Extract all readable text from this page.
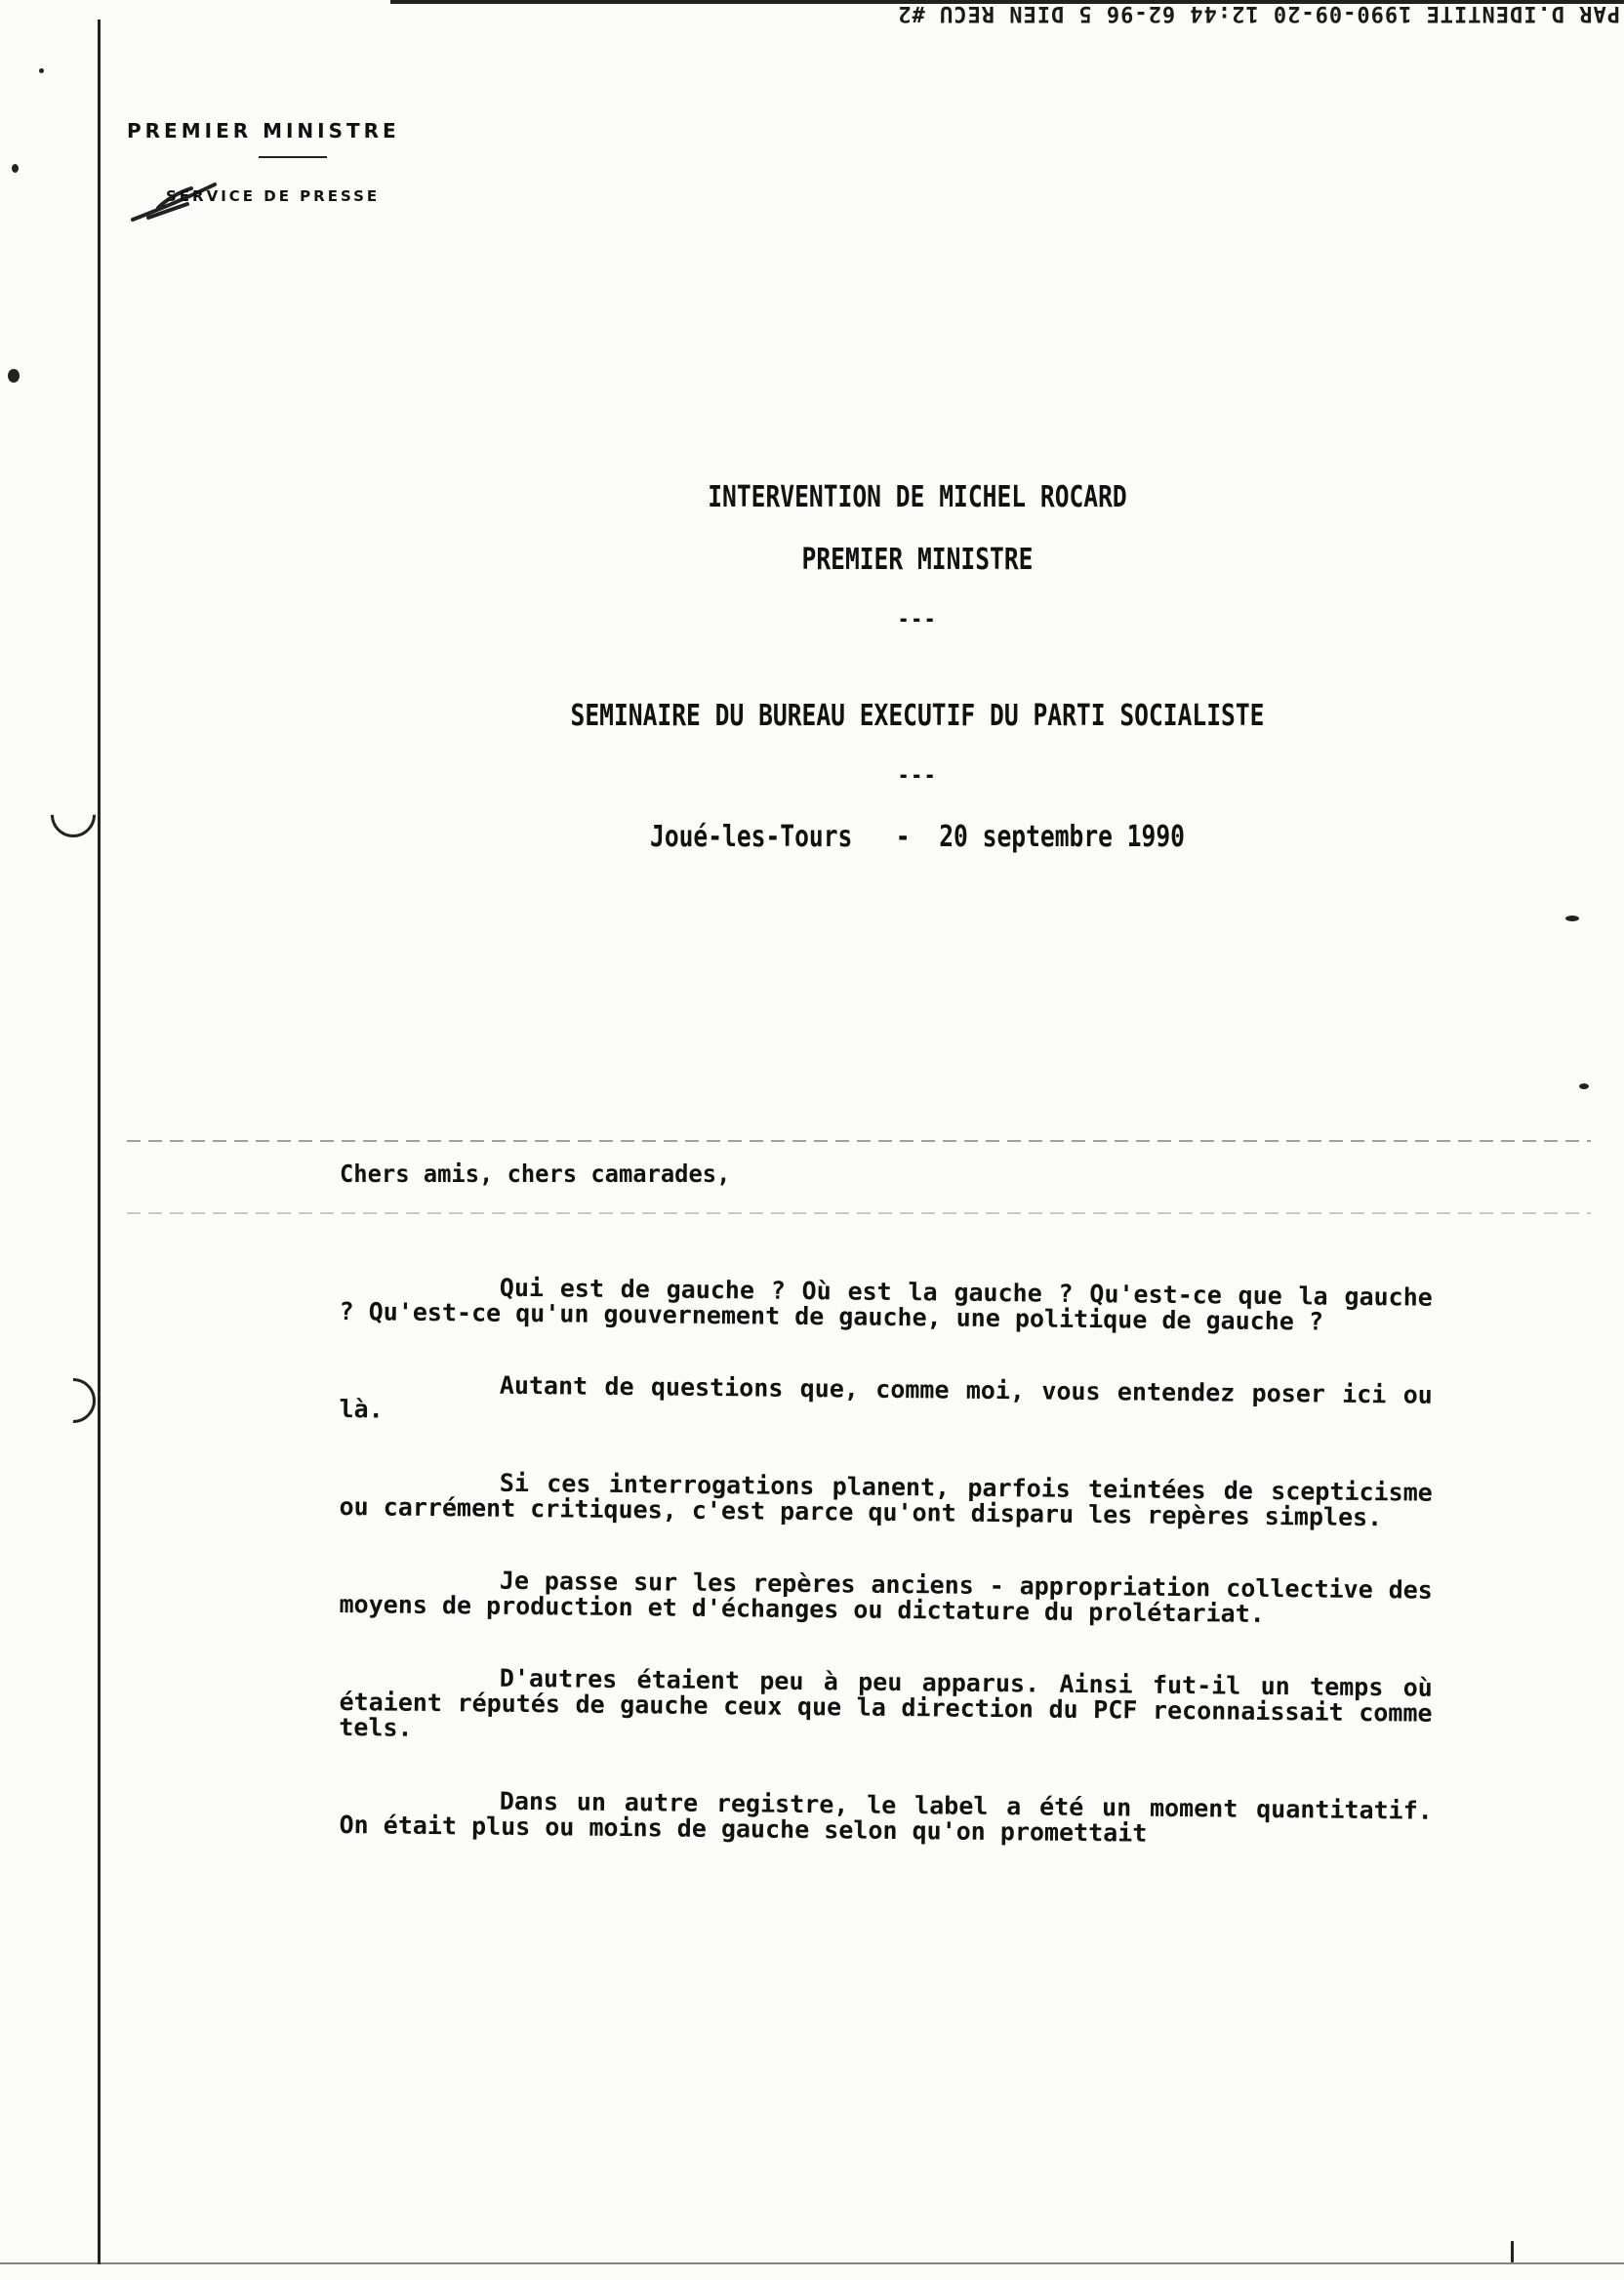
PAR D.IDENTITE 1990-09-20 12:44 62-96 5 DIEN RECU #2
PREMIER MINISTRE
SERVICE DE PRESSE
INTERVENTION DE MICHEL ROCARD
PREMIER MINISTRE
---
SEMINAIRE DU BUREAU EXECUTIF DU PARTI SOCIALISTE
---
Joué-les-Tours   -  20 septembre 1990

Chers amis, chers camarades,

Qui est de gauche ? Où est la gauche ? Qu'est-ce que la gauche ? Qu'est-ce qu'un gouvernement de gauche, une politique de gauche ?

Autant de questions que, comme moi, vous entendez poser ici ou là.

Si ces interrogations planent, parfois teintées de scepticisme ou carrément critiques, c'est parce qu'ont disparu les repères simples.

Je passe sur les repères anciens - appropriation collective des moyens de production et d'échanges ou dictature du prolétariat.

D'autres étaient peu à peu apparus. Ainsi fut-il un temps où étaient réputés de gauche ceux que la direction du PCF reconnaissait comme tels.

Dans un autre registre, le label a été un moment quantitatif. On était plus ou moins de gauche selon qu'on promettait
